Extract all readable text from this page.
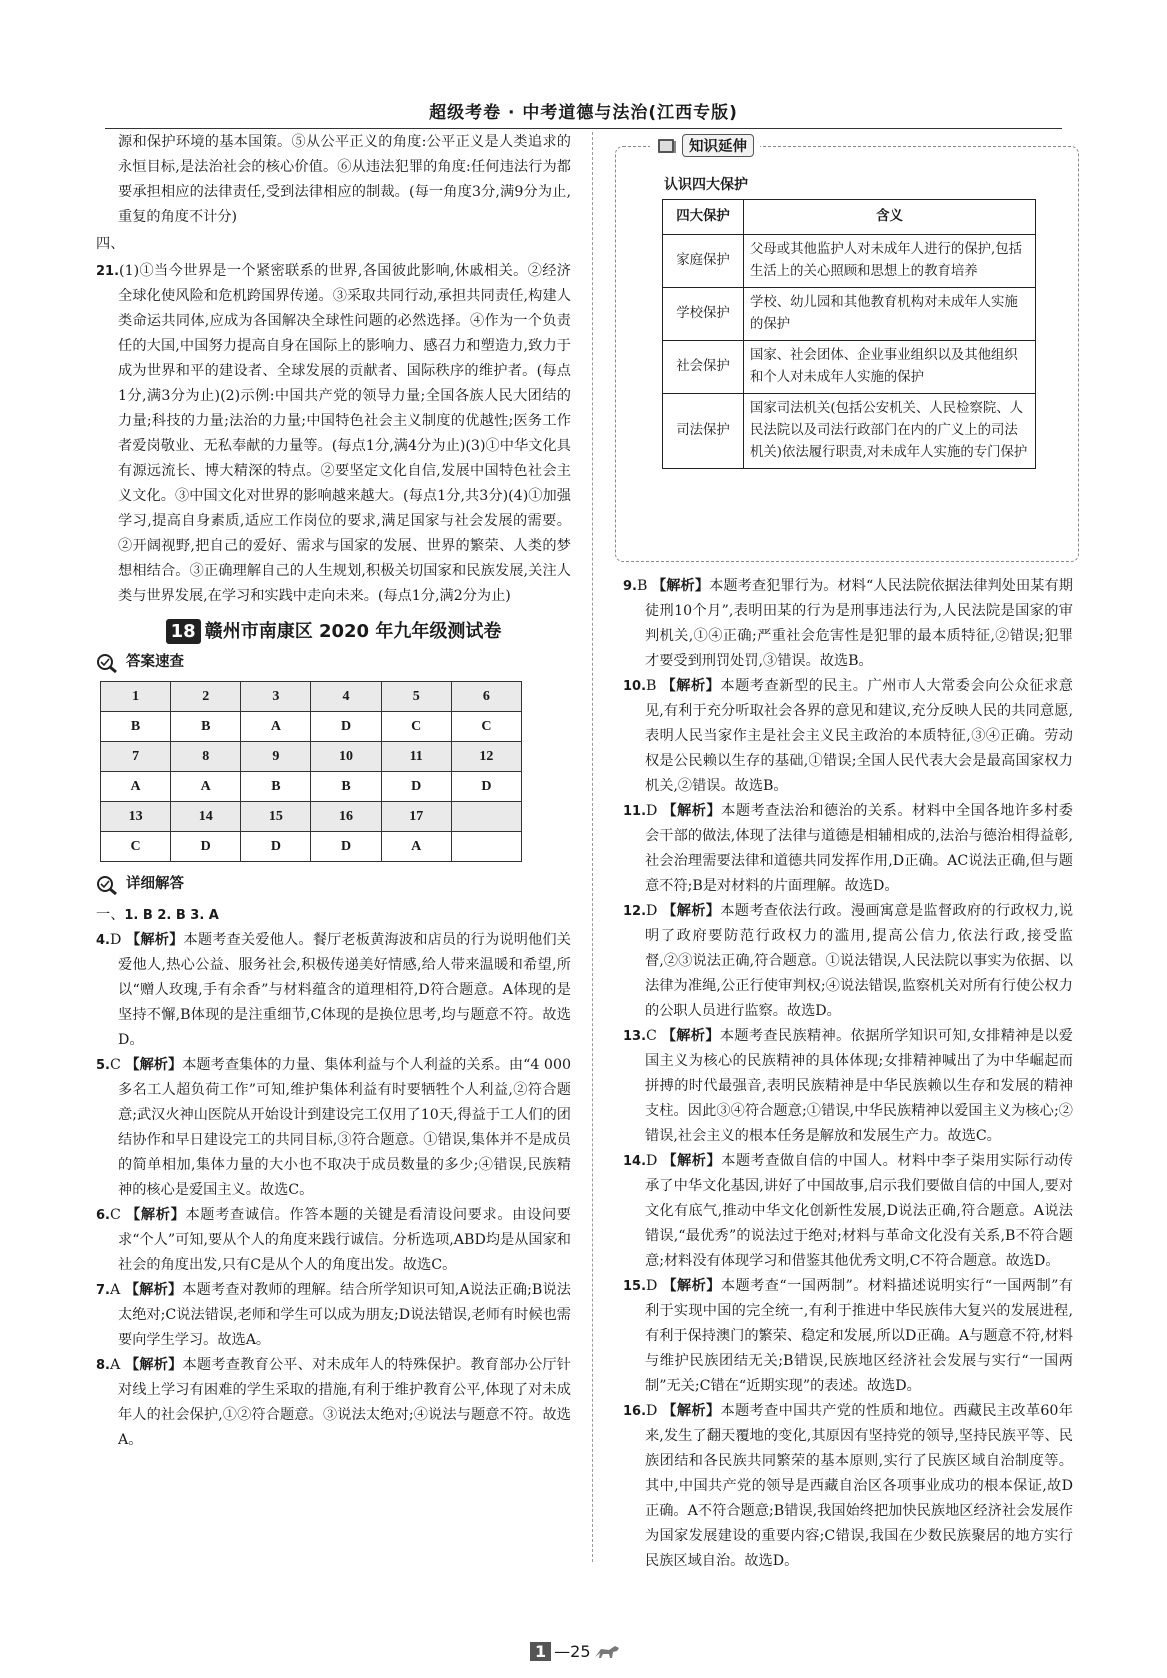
超级考卷 · 中考道德与法治(江西专版)

源和保护环境的基本国策。⑤从公平正义的角度:公平正义是人类追求的永恒目标,是法治社会的核心价值。⑥从违法犯罪的角度:任何违法行为都要承担相应的法律责任,受到法律相应的制裁。(每一角度3分,满9分为止,重复的角度不计分)

四、

21.(1)①当今世界是一个紧密联系的世界,各国彼此影响,休戚相关。②经济全球化使风险和危机跨国界传递。③采取共同行动,承担共同责任,构建人类命运共同体,应成为各国解决全球性问题的必然选择。④作为一个负责任的大国,中国努力提高自身在国际上的影响力、感召力和塑造力,致力于成为世界和平的建设者、全球发展的贡献者、国际秩序的维护者。(每点1分,满3分为止)(2)示例:中国共产党的领导力量;全国各族人民大团结的力量;科技的力量;法治的力量;中国特色社会主义制度的优越性;医务工作者爱岗敬业、无私奉献的力量等。(每点1分,满4分为止)(3)①中华文化具有源远流长、博大精深的特点。②要坚定文化自信,发展中国特色社会主义文化。③中国文化对世界的影响越来越大。(每点1分,共3分)(4)①加强学习,提高自身素质,适应工作岗位的要求,满足国家与社会发展的需要。②开阔视野,把自己的爱好、需求与国家的发展、世界的繁荣、人类的梦想相结合。③正确理解自己的人生规划,积极关切国家和民族发展,关注人类与世界发展,在学习和实践中走向未来。(每点1分,满2分为止)

18 赣州市南康区 2020 年九年级测试卷
答案速查
1	2	3	4	5	6
B	B	A	D	C	C
7	8	9	10	11	12
A	A	B	B	D	D
13	14	15	16	17	
C	D	D	D	A	
详细解答

一、1. B 2. B 3. A

4.D 【解析】本题考查关爱他人。餐厅老板黄海波和店员的行为说明他们关爱他人,热心公益、服务社会,积极传递美好情感,给人带来温暖和希望,所以“赠人玫瑰,手有余香”与材料蕴含的道理相符,D符合题意。A体现的是坚持不懈,B体现的是注重细节,C体现的是换位思考,均与题意不符。故选D。

5.C 【解析】本题考查集体的力量、集体利益与个人利益的关系。由“4 000多名工人超负荷工作”可知,维护集体利益有时要牺牲个人利益,②符合题意;武汉火神山医院从开始设计到建设完工仅用了10天,得益于工人们的团结协作和早日建设完工的共同目标,③符合题意。①错误,集体并不是成员的简单相加,集体力量的大小也不取决于成员数量的多少;④错误,民族精神的核心是爱国主义。故选C。

6.C 【解析】本题考查诚信。作答本题的关键是看清设问要求。由设问要求“个人”可知,要从个人的角度来践行诚信。分析选项,ABD均是从国家和社会的角度出发,只有C是从个人的角度出发。故选C。

7.A 【解析】本题考查对教师的理解。结合所学知识可知,A说法正确;B说法太绝对;C说法错误,老师和学生可以成为朋友;D说法错误,老师有时候也需要向学生学习。故选A。

8.A 【解析】本题考查教育公平、对未成年人的特殊保护。教育部办公厅针对线上学习有困难的学生采取的措施,有利于维护教育公平,体现了对未成年人的社会保护,①②符合题意。③说法太绝对;④说法与题意不符。故选A。

知识延伸
认识四大保护
四大保护	含义
家庭保护	父母或其他监护人对未成年人进行的保护,包括生活上的关心照顾和思想上的教育培养
学校保护	学校、幼儿园和其他教育机构对未成年人实施的保护
社会保护	国家、社会团体、企业事业组织以及其他组织和个人对未成年人实施的保护
司法保护	国家司法机关(包括公安机关、人民检察院、人民法院以及司法行政部门在内的广义上的司法机关)依法履行职责,对未成年人实施的专门保护

9.B 【解析】本题考查犯罪行为。材料“人民法院依据法律判处田某有期徒刑10个月”,表明田某的行为是刑事违法行为,人民法院是国家的审判机关,①④正确;严重社会危害性是犯罪的最本质特征,②错误;犯罪才要受到刑罚处罚,③错误。故选B。

10.B 【解析】本题考查新型的民主。广州市人大常委会向公众征求意见,有利于充分听取社会各界的意见和建议,充分反映人民的共同意愿,表明人民当家作主是社会主义民主政治的本质特征,③④正确。劳动权是公民赖以生存的基础,①错误;全国人民代表大会是最高国家权力机关,②错误。故选B。

11.D 【解析】本题考查法治和德治的关系。材料中全国各地许多村委会干部的做法,体现了法律与道德是相辅相成的,法治与德治相得益彰,社会治理需要法律和道德共同发挥作用,D正确。AC说法正确,但与题意不符;B是对材料的片面理解。故选D。

12.D 【解析】本题考查依法行政。漫画寓意是监督政府的行政权力,说明了政府要防范行政权力的滥用,提高公信力,依法行政,接受监督,②③说法正确,符合题意。①说法错误,人民法院以事实为依据、以法律为准绳,公正行使审判权;④说法错误,监察机关对所有行使公权力的公职人员进行监察。故选D。

13.C 【解析】本题考查民族精神。依据所学知识可知,女排精神是以爱国主义为核心的民族精神的具体体现;女排精神喊出了为中华崛起而拼搏的时代最强音,表明民族精神是中华民族赖以生存和发展的精神支柱。因此③④符合题意;①错误,中华民族精神以爱国主义为核心;②错误,社会主义的根本任务是解放和发展生产力。故选C。

14.D 【解析】本题考查做自信的中国人。材料中李子柒用实际行动传承了中华文化基因,讲好了中国故事,启示我们要做自信的中国人,要对文化有底气,推动中华文化创新性发展,D说法正确,符合题意。A说法错误,“最优秀”的说法过于绝对;材料与革命文化没有关系,B不符合题意;材料没有体现学习和借鉴其他优秀文明,C不符合题意。故选D。

15.D 【解析】本题考查“一国两制”。材料描述说明实行“一国两制”有利于实现中国的完全统一,有利于推进中华民族伟大复兴的发展进程,有利于保持澳门的繁荣、稳定和发展,所以D正确。A与题意不符,材料与维护民族团结无关;B错误,民族地区经济社会发展与实行“一国两制”无关;C错在“近期实现”的表述。故选D。

16.D 【解析】本题考查中国共产党的性质和地位。西藏民主改革60年来,发生了翻天覆地的变化,其原因有坚持党的领导,坚持民族平等、民族团结和各民族共同繁荣的基本原则,实行了民族区域自治制度等。其中,中国共产党的领导是西藏自治区各项事业成功的根本保证,故D正确。A不符合题意;B错误,我国始终把加快民族地区经济社会发展作为国家发展建设的重要内容;C错误,我国在少数民族聚居的地方实行民族区域自治。故选D。

1 —25
